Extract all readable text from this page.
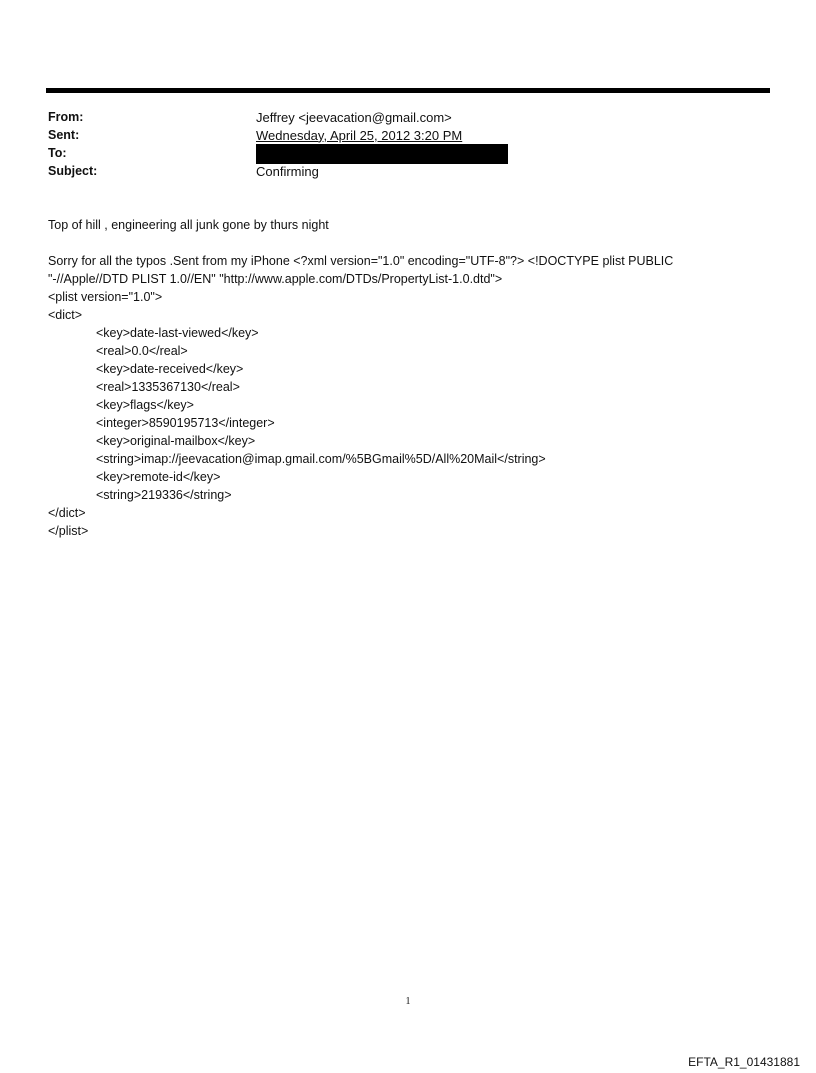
From:	Jeffrey <jeevacation@gmail.com>
Sent:	Wednesday, April 25, 2012 3:20 PM
To:
Subject:	Confirming

Top of hill , engineering all junk gone by thurs night

Sorry for all the typos .Sent from my iPhone <?xml version="1.0" encoding="UTF-8"?> <!DOCTYPE plist PUBLIC "-//Apple//DTD PLIST 1.0//EN" "http://www.apple.com/DTDs/PropertyList-1.0.dtd">

<plist version="1.0">
<dict>
<key>date-last-viewed</key>
<real>0.0</real>
<key>date-received</key>
<real>1335367130</real>
<key>flags</key>
<integer>8590195713</integer>
<key>original-mailbox</key>
<string>imap://jeevacation@imap.gmail.com/%5BGmail%5D/All%20Mail</string>
<key>remote-id</key>
<string>219336</string>
</dict>
</plist>
1
EFTA_R1_01431881
